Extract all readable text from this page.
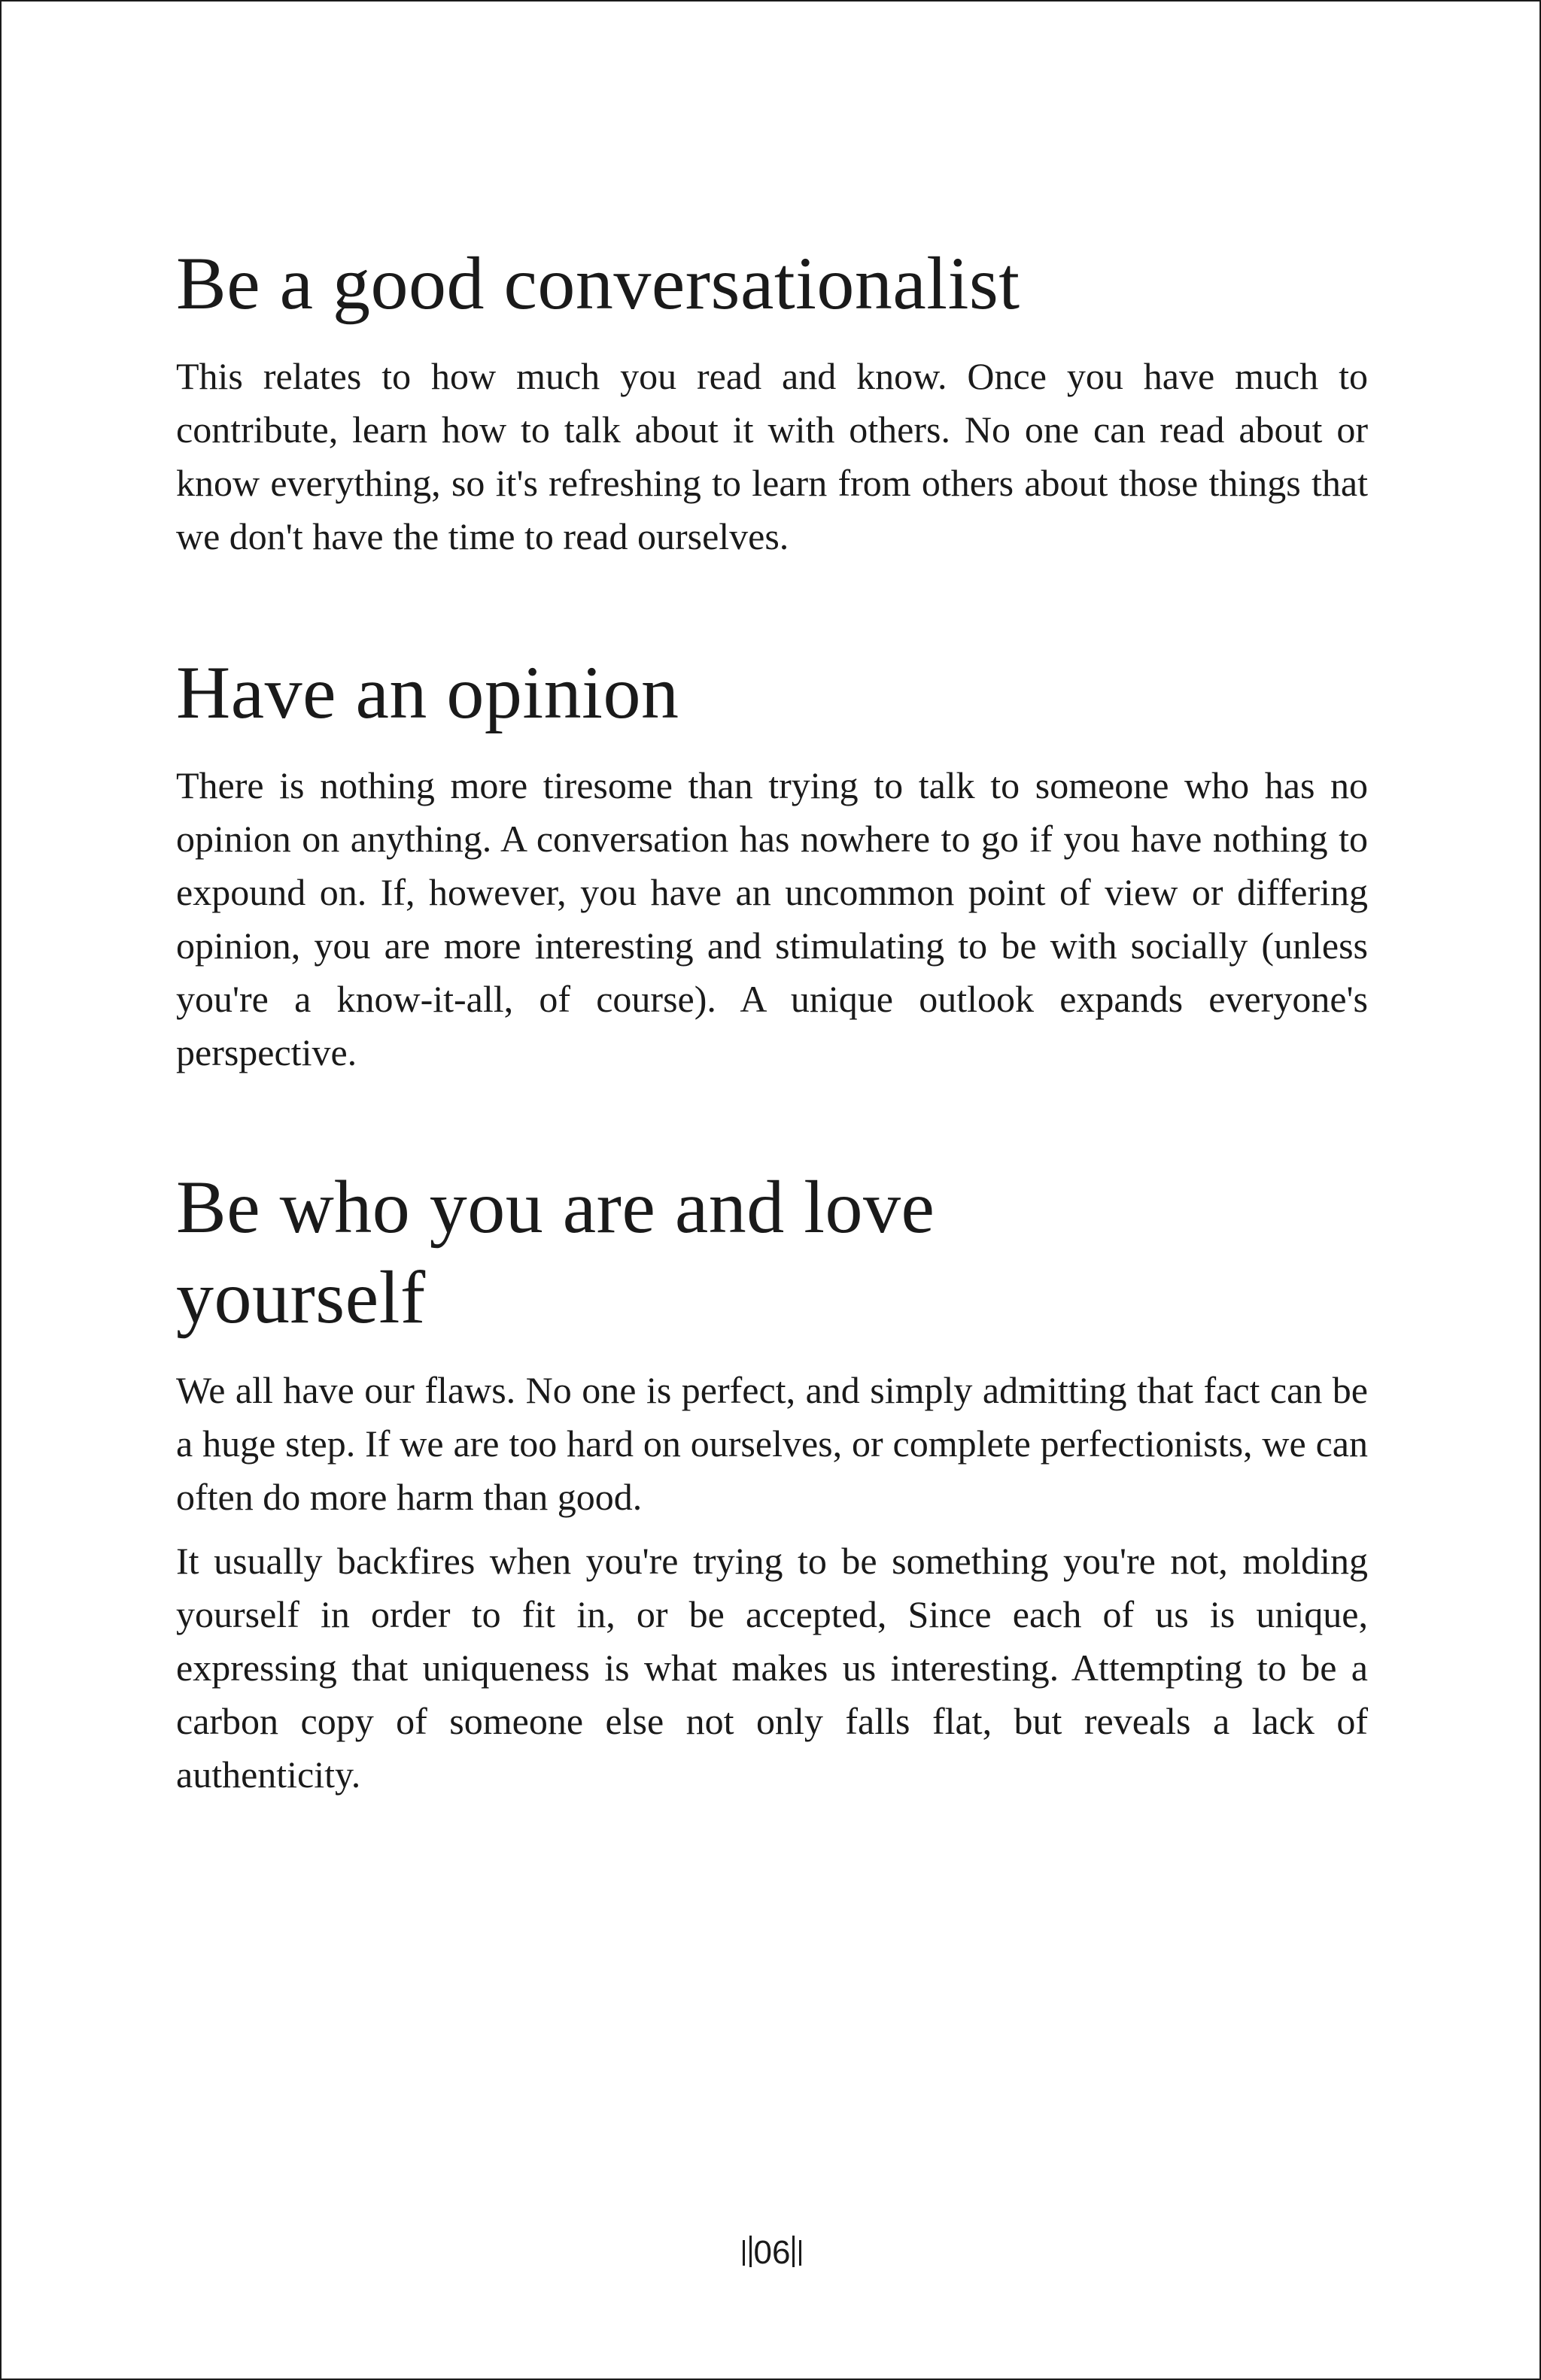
Be a good conversationalist

This relates to how much you read and know. Once you have much to contribute, learn how to talk about it with others. No one can read about or know everything, so it's refreshing to learn from others about those things that we don't have the time to read ourselves.

Have an opinion

There is nothing more tiresome than trying to talk to someone who has no opinion on anything. A conversation has nowhere to go if you have nothing to expound on. If, however, you have an uncommon point of view or differing opinion, you are more interesting and stimulating to be with socially (unless you're a know-it-all, of course). A unique outlook expands everyone's perspective.

Be who you are and love yourself

We all have our flaws. No one is perfect, and simply admitting that fact can be a huge step. If we are too hard on ourselves, or complete perfectionists, we can often do more harm than good.

It usually backfires when you're trying to be something you're not, molding yourself in order to fit in, or be accepted, Since each of us is unique, expressing that uniqueness is what makes us interesting. Attempting to be a carbon copy of someone else not only falls flat, but reveals a lack of authenticity.

06
